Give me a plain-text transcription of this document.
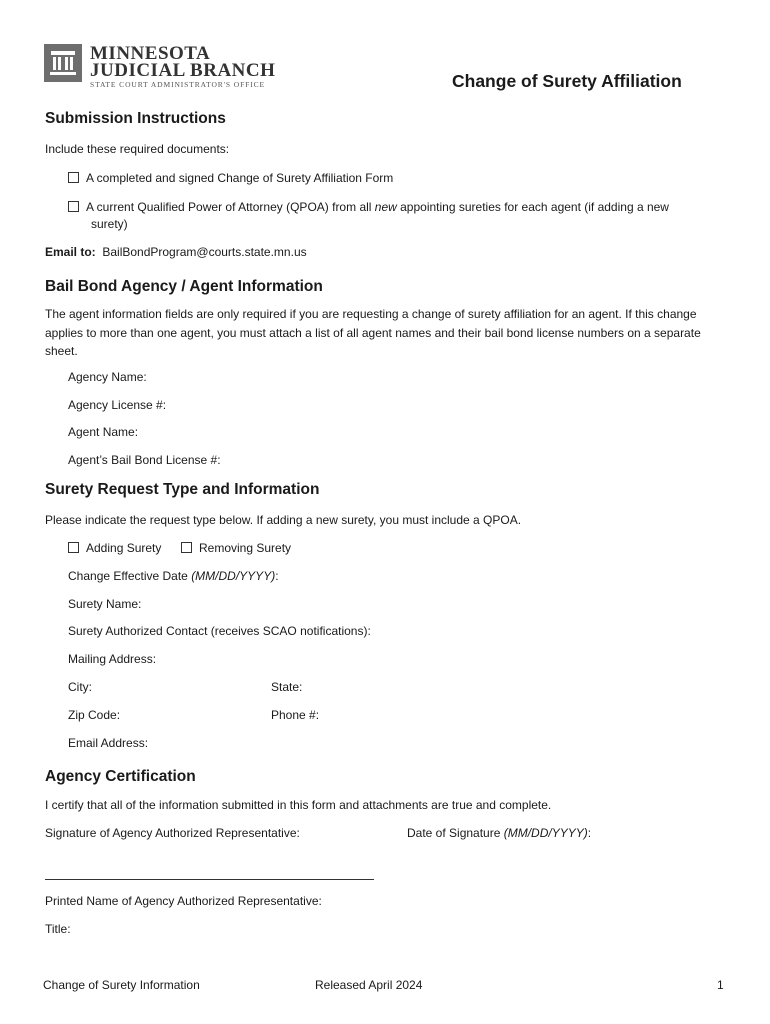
MINNESOTA
JUDICIAL BRANCH
STATE COURT ADMINISTRATOR'S OFFICE	Change of Surety Affiliation
Submission Instructions
Include these required documents:
A completed and signed Change of Surety Affiliation Form
A current Qualified Power of Attorney (QPOA) from all new appointing sureties for each agent (if adding a new
surety)
Email to: BailBondProgram@courts.state.mn.us
Bail Bond Agency / Agent Information
The agent information fields are only required if you are requesting a change of surety affiliation for an agent. If this change applies to more than one agent, you must attach a list of all agent names and their bail bond license numbers on a separate sheet.
Agency Name:
Agency License #:
Agent Name:
Agent’s Bail Bond License #:
Surety Request Type and Information
Please indicate the request type below. If adding a new surety, you must include a QPOA.
Adding Surety	Removing Surety
Change Effective Date (MM/DD/YYYY):
Surety Name:
Surety Authorized Contact (receives SCAO notifications):
Mailing Address:
City:	State:
Zip Code:	Phone #:
Email Address:
Agency Certification
I certify that all of the information submitted in this form and attachments are true and complete.
Signature of Agency Authorized Representative:	Date of Signature (MM/DD/YYYY):
Printed Name of Agency Authorized Representative:
Title:
Change of Surety Information	Released April 2024	1
